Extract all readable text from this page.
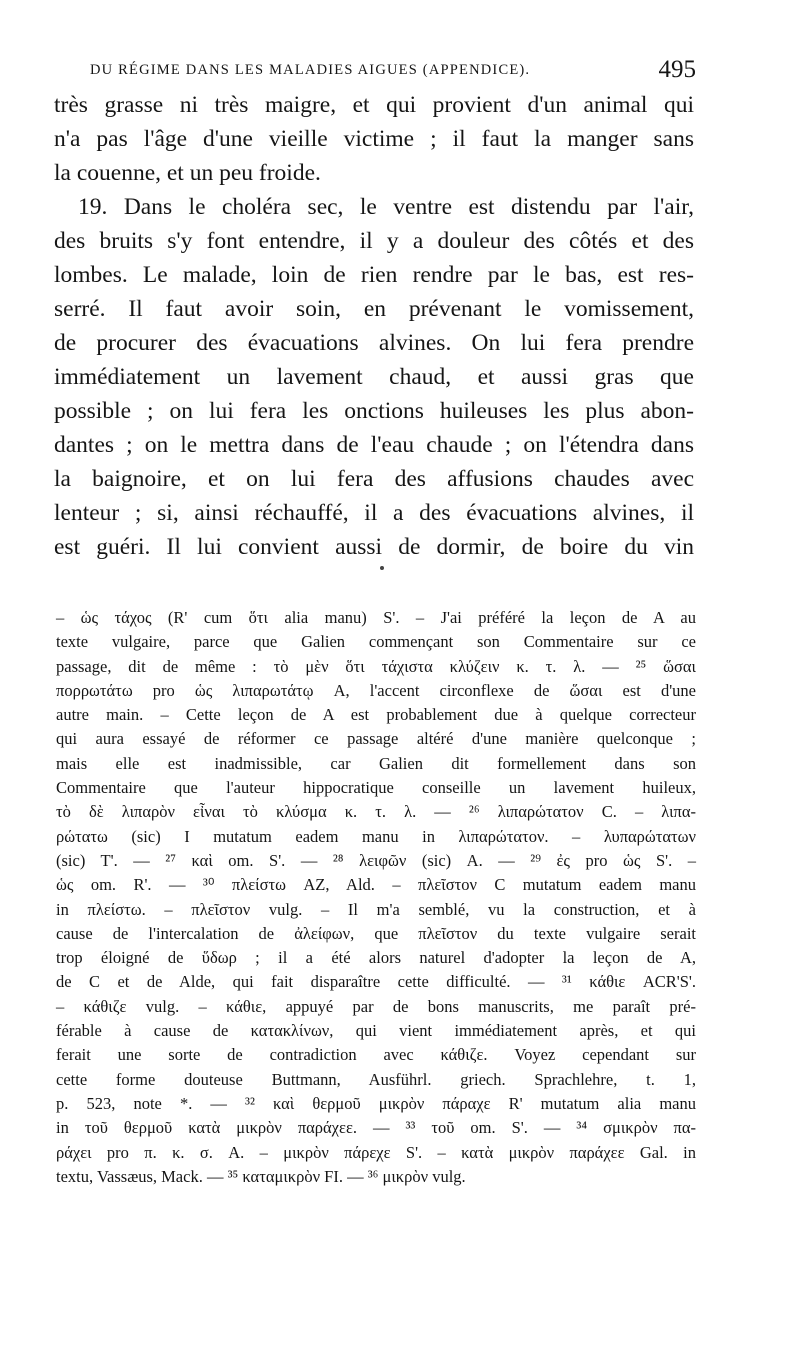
DU RÉGIME DANS LES MALADIES AIGUES (APPENDICE).	495
très grasse ni très maigre, et qui provient d'un animal qui
n'a pas l'âge d'une vieille victime ; il faut la manger sans
la couenne, et un peu froide.
19. Dans le choléra sec, le ventre est distendu par l'air,
des bruits s'y font entendre, il y a douleur des côtés et des
lombes. Le malade, loin de rien rendre par le bas, est res-
serré. Il faut avoir soin, en prévenant le vomissement,
de procurer des évacuations alvines. On lui fera prendre
immédiatement un lavement chaud, et aussi gras que
possible ; on lui fera les onctions huileuses les plus abon-
dantes ; on le mettra dans de l'eau chaude ; on l'étendra dans
la baignoire, et on lui fera des affusions chaudes avec
lenteur ; si, ainsi réchauffé, il a des évacuations alvines, il
est guéri. Il lui convient aussi de dormir, de boire du vin
– ὡς τάχος (R' cum ὅτι alia manu) S'. – J'ai préféré la leçon de A au
texte vulgaire, parce que Galien commençant son Commentaire sur ce
passage, dit de même : τὸ μὲν ὅτι τάχιστα κλύζειν κ. τ. λ. — ²⁵ ὥσαι
πορρωτάτω pro ὡς λιπαρωτάτῳ A, l'accent circonflexe de ὥσαι est d'une
autre main. – Cette leçon de A est probablement due à quelque correcteur
qui aura essayé de réformer ce passage altéré d'une manière quelconque ;
mais elle est inadmissible, car Galien dit formellement dans son
Commentaire que l'auteur hippocratique conseille un lavement huileux,
τὸ δὲ λιπαρὸν εἶναι τὸ κλύσμα κ. τ. λ. — ²⁶ λιπαρώτατον C. – λιπα-
ρώτατω (sic) I mutatum eadem manu in λιπαρώτατον. – λυπαρώτατων
(sic) T'. — ²⁷ καὶ om. S'. — ²⁸ λειφῶν (sic) A. — ²⁹ ἐς pro ὡς S'. –
ὡς om. R'. — ³⁰ πλείστω AZ, Ald. – πλεῖστον C mutatum eadem manu
in πλείστω. – πλεῖστον vulg. – Il m'a semblé, vu la construction, et à
cause de l'intercalation de ἀλείφων, que πλεῖστον du texte vulgaire serait
trop éloigné de ὕδωρ ; il a été alors naturel d'adopter la leçon de A,
de C et de Alde, qui fait disparaître cette difficulté. — ³¹ κάθιε ACR'S'.
– κάθιζε vulg. – κάθιε, appuyé par de bons manuscrits, me paraît pré-
férable à cause de κατακλίνων, qui vient immédiatement après, et qui
ferait une sorte de contradiction avec κάθιζε. Voyez cependant sur
cette forme douteuse Buttmann, Ausführl. griech. Sprachlehre, t. 1,
p. 523, note *. — ³² καὶ θερμοῦ μικρὸν πάραχε R' mutatum alia manu
in τοῦ θερμοῦ κατὰ μικρὸν παράχεε. — ³³ τοῦ om. S'. — ³⁴ σμικρὸν πα-
ράχει pro π. κ. σ. A. – μικρὸν πάρεχε S'. – κατὰ μικρὸν παράχεε Gal. in
textu, Vassæus, Mack. — ³⁵ καταμικρὸν FI. — ³⁶ μικρὸν vulg.
